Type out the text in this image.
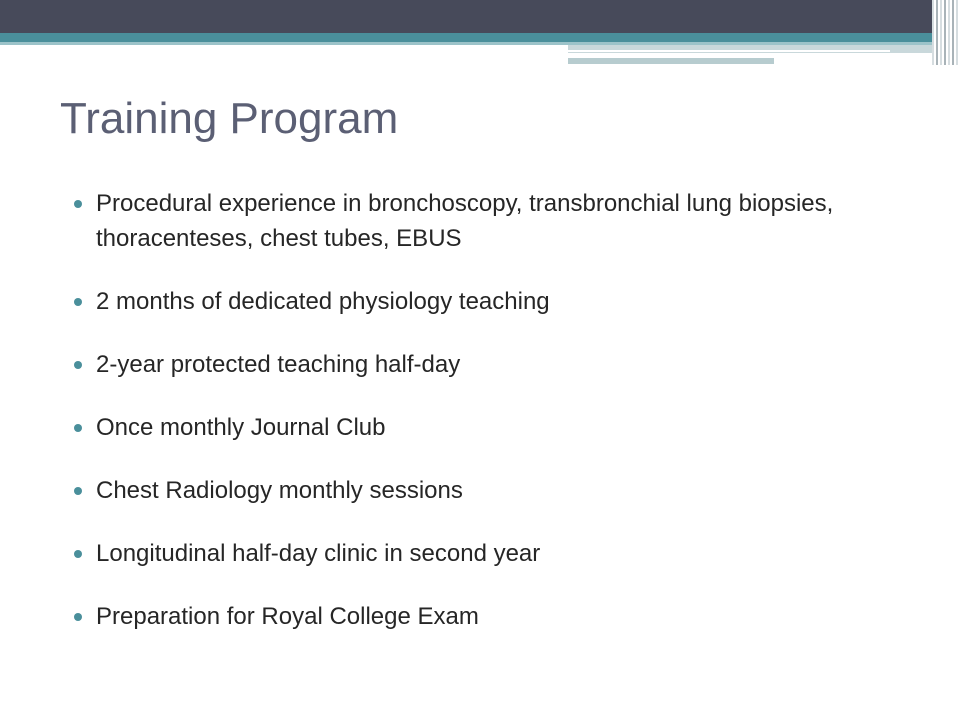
Training Program
Procedural experience in bronchoscopy, transbronchial lung biopsies, thoracenteses, chest tubes, EBUS
2 months of dedicated physiology teaching
2-year protected teaching half-day
Once monthly Journal Club
Chest Radiology monthly sessions
Longitudinal half-day clinic in second year
Preparation for Royal College Exam
